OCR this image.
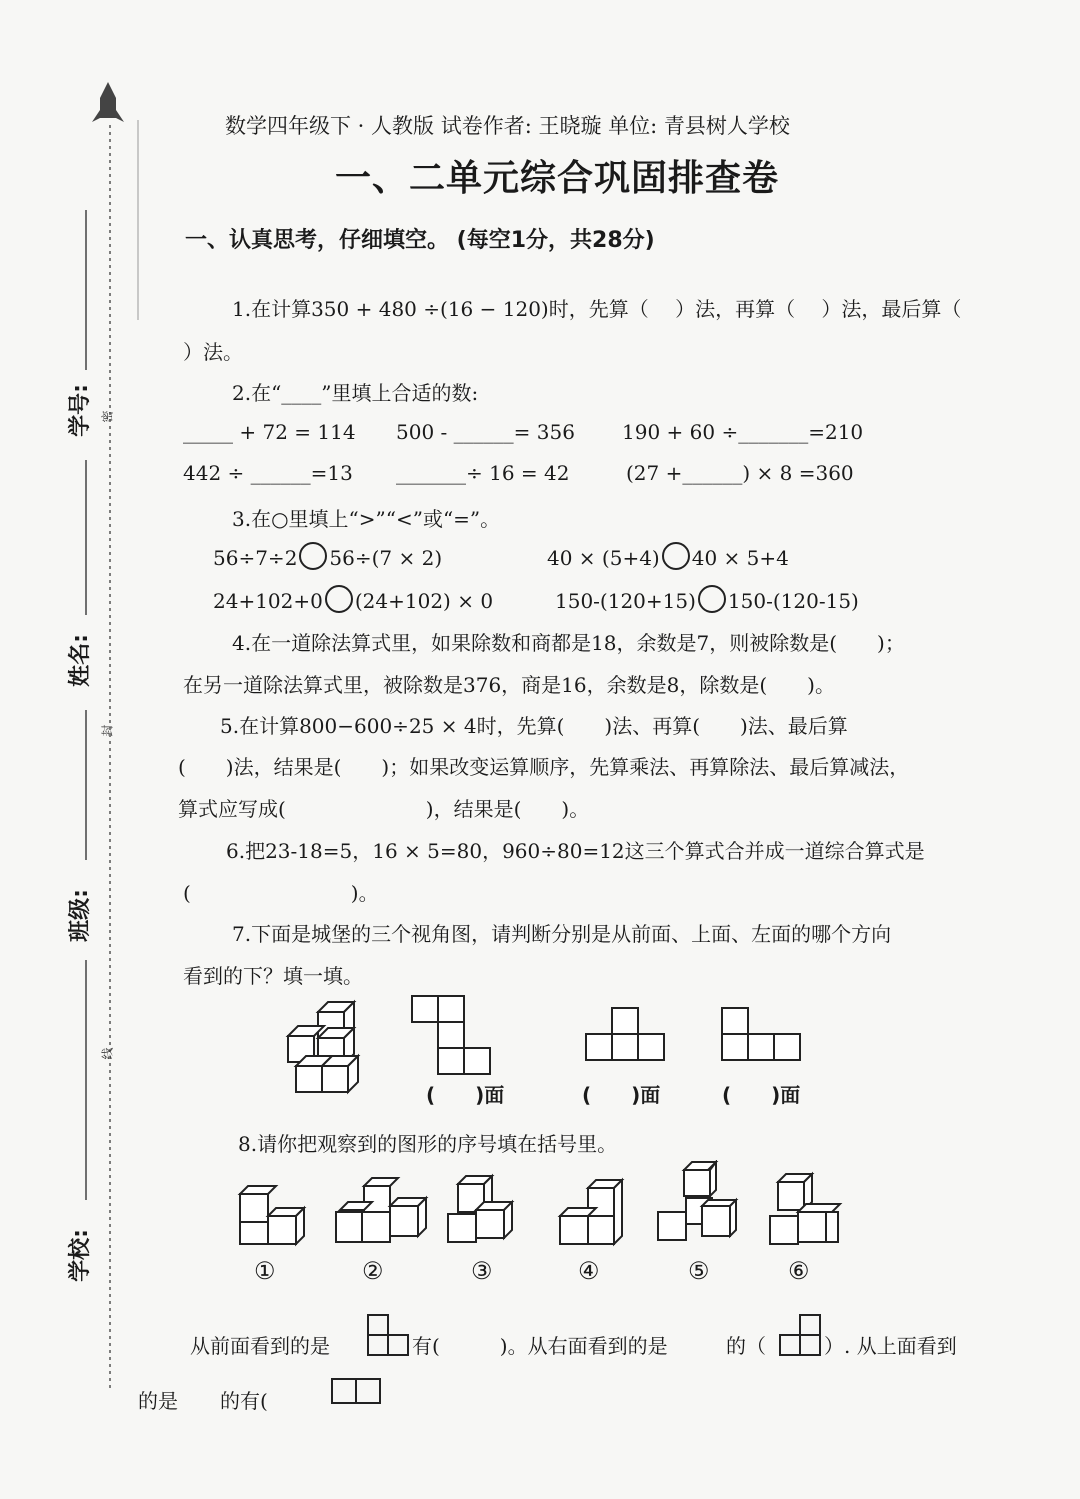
学号:
姓名:
班级:
学校:
密
封
线
数学四年级下 · 人教版 试卷作者: 王晓璇 单位: 青县树人学校
一、二单元综合巩固排查卷
一、认真思考，仔细填空。 (每空1分，共28分)
1.在计算350 + 480 ÷(16 − 120)时，先算（　 ）法，再算（　 ）法，最后算（
）法。
2.在“____”里填上合适的数:
_____ + 72 = 114 500 - ______= 356 190 + 60 ÷_______=210
442 ÷ ______=13 _______÷ 16 = 42	(27 +______) × 8 =360
3.在○里填上“>”“<”或“=”。
56÷7÷2 56÷(7 × 2)	40 × (5+4) 40 × 5+4
24+102+0 (24+102) × 0	150-(120+15) 150-(120-15)
4.在一道除法算式里，如果除数和商都是18，余数是7，则被除数是(　　)；
在另一道除法算式里，被除数是376，商是16，余数是8，除数是(　　)。
5.在计算800−600÷25 × 4时，先算(　　)法、再算(　　)法、最后算
(　　)法，结果是(　　)；如果改变运算顺序，先算乘法、再算除法、最后算减法，
算式应写成(　　　　　　　)，结果是(　　)。
6.把23-18=5，16 × 5=80，960÷80=12这三个算式合并成一道综合算式是
(　　　　　　　　)。
7.下面是城堡的三个视角图，请判断分别是从前面、上面、左面的哪个方向
看到的下？填一填。
(　　)面	(　　)面	(　　)面
8.请你把观察到的图形的序号填在括号里。
①	②	③	④	⑤	⑥
从前面看到的是	有(　　　)。从右面看到的是	的（	）. 从上面看到
的是 的有(
